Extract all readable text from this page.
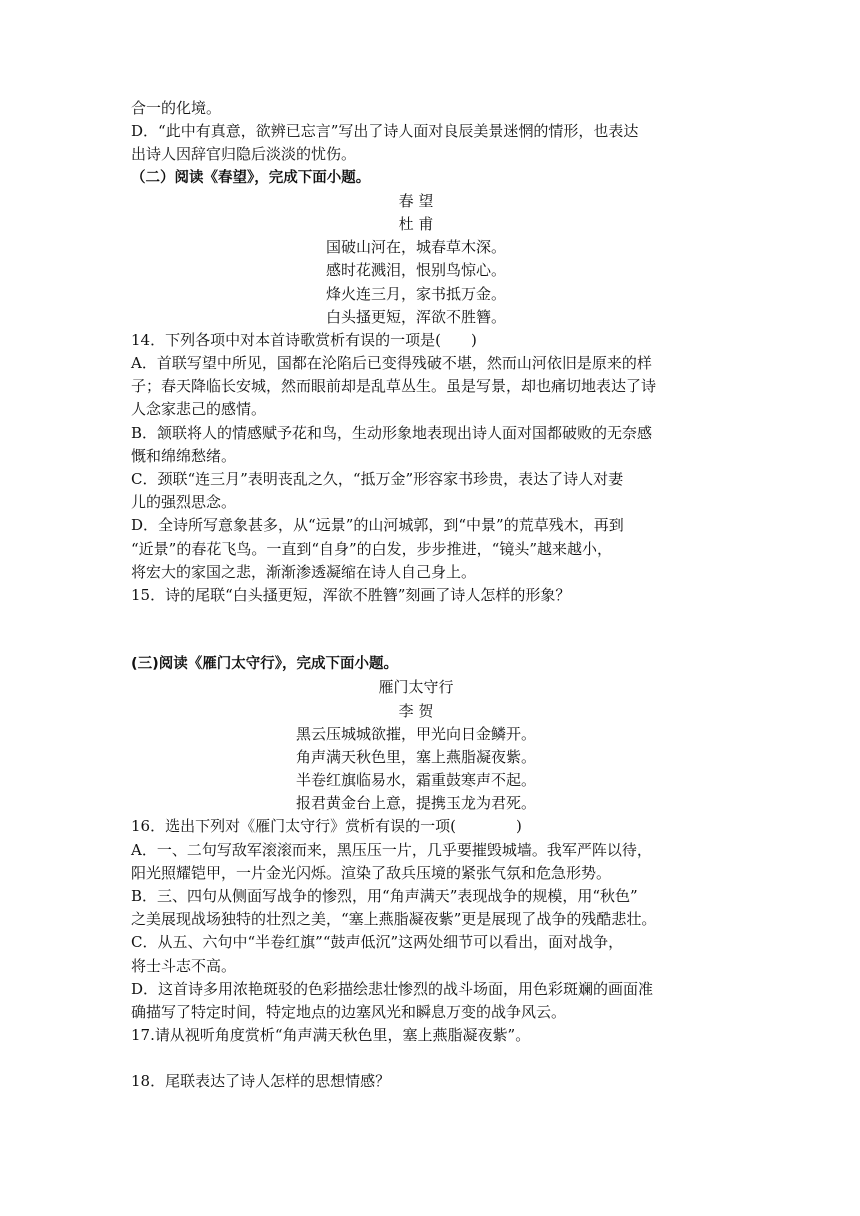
合一的化境。

D．“此中有真意，欲辨已忘言”写出了诗人面对良辰美景迷惘的情形，也表达

出诗人因辞官归隐后淡淡的忧伤。

（二）阅读《春望》，完成下面小题。

春 望

杜 甫

国破山河在，城春草木深。

感时花溅泪，恨别鸟惊心。

烽火连三月，家书抵万金。

白头搔更短，浑欲不胜簪。

14．下列各项中对本首诗歌赏析有误的一项是(　　)

A．首联写望中所见，国都在沦陷后已变得残破不堪，然而山河依旧是原来的样

子；春天降临长安城，然而眼前却是乱草丛生。虽是写景，却也痛切地表达了诗

人念家悲己的感情。

B．颔联将人的情感赋予花和鸟，生动形象地表现出诗人面对国都破败的无奈感

慨和绵绵愁绪。

C．颈联“连三月”表明丧乱之久，“抵万金”形容家书珍贵，表达了诗人对妻

儿的强烈思念。

D．全诗所写意象甚多，从“远景”的山河城郭，到“中景”的荒草残木，再到

“近景”的春花飞鸟。一直到“自身”的白发，步步推进，“镜头”越来越小，

将宏大的家国之悲，渐渐渗透凝缩在诗人自己身上。

15．诗的尾联“白头搔更短，浑欲不胜簪”刻画了诗人怎样的形象？

(三)阅读《雁门太守行》，完成下面小题。

雁门太守行

李 贺

黑云压城城欲摧，甲光向日金鳞开。

角声满天秋色里，塞上燕脂凝夜紫。

半卷红旗临易水，霜重鼓寒声不起。

报君黄金台上意，提携玉龙为君死。

16．选出下列对《雁门太守行》赏析有误的一项(　　　　)

A．一、二句写敌军滚滚而来，黑压压一片，几乎要摧毁城墙。我军严阵以待，

阳光照耀铠甲，一片金光闪烁。渲染了敌兵压境的紧张气氛和危急形势。

B．三、四句从侧面写战争的惨烈，用“角声满天”表现战争的规模，用“秋色”

之美展现战场独特的壮烈之美，“塞上燕脂凝夜紫”更是展现了战争的残酷悲壮。

C．从五、六句中“半卷红旗”“鼓声低沉”这两处细节可以看出，面对战争，

将士斗志不高。

D．这首诗多用浓艳斑驳的色彩描绘悲壮惨烈的战斗场面，用色彩斑斓的画面准

确描写了特定时间，特定地点的边塞风光和瞬息万变的战争风云。

17.请从视听角度赏析“角声满天秋色里，塞上燕脂凝夜紫”。

18．尾联表达了诗人怎样的思想情感？
